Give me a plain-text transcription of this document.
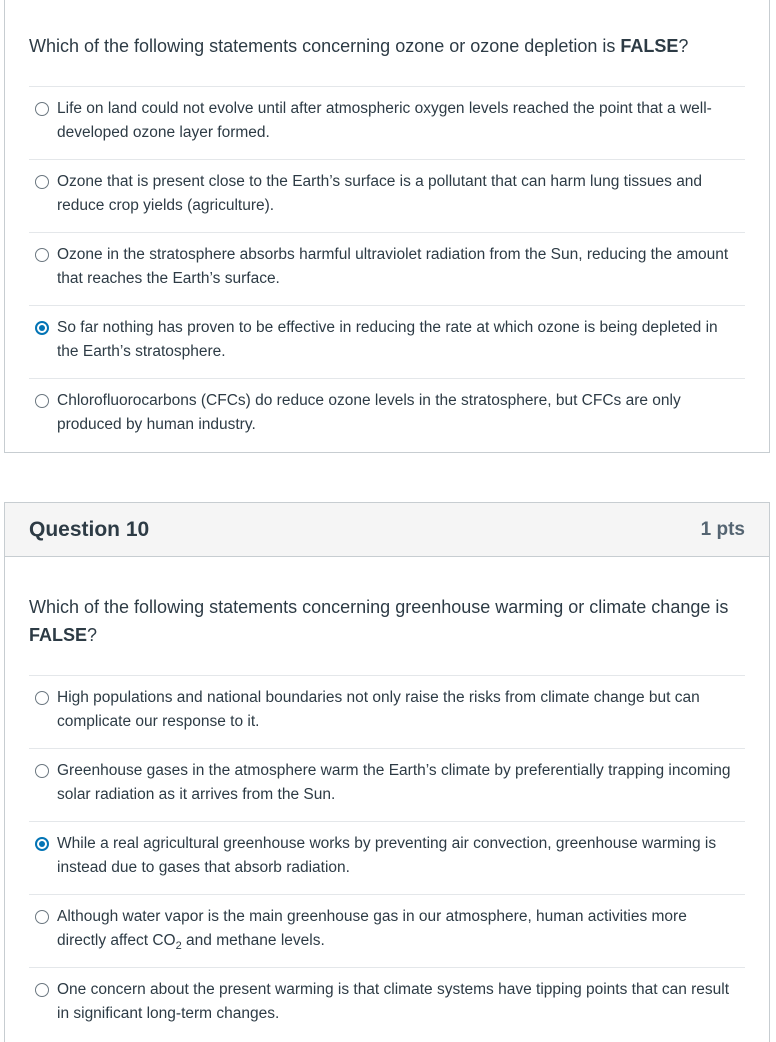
Which of the following statements concerning ozone or ozone depletion is FALSE?

Life on land could not evolve until after atmospheric oxygen levels reached the point that a well-developed ozone layer formed.
Ozone that is present close to the Earth’s surface is a pollutant that can harm lung tissues and reduce crop yields (agriculture).
Ozone in the stratosphere absorbs harmful ultraviolet radiation from the Sun, reducing the amount that reaches the Earth’s surface.
So far nothing has proven to be effective in reducing the rate at which ozone is being depleted in the Earth’s stratosphere.
Chlorofluorocarbons (CFCs) do reduce ozone levels in the stratosphere, but CFCs are only produced by human industry.
Question 10	1 pts

Which of the following statements concerning greenhouse warming or climate change is FALSE?

High populations and national boundaries not only raise the risks from climate change but can complicate our response to it.
Greenhouse gases in the atmosphere warm the Earth’s climate by preferentially trapping incoming solar radiation as it arrives from the Sun.
While a real agricultural greenhouse works by preventing air convection, greenhouse warming is instead due to gases that absorb radiation.
Although water vapor is the main greenhouse gas in our atmosphere, human activities more directly affect $CO_2$ and methane levels.
One concern about the present warming is that climate systems have tipping points that can result in significant long-term changes.
